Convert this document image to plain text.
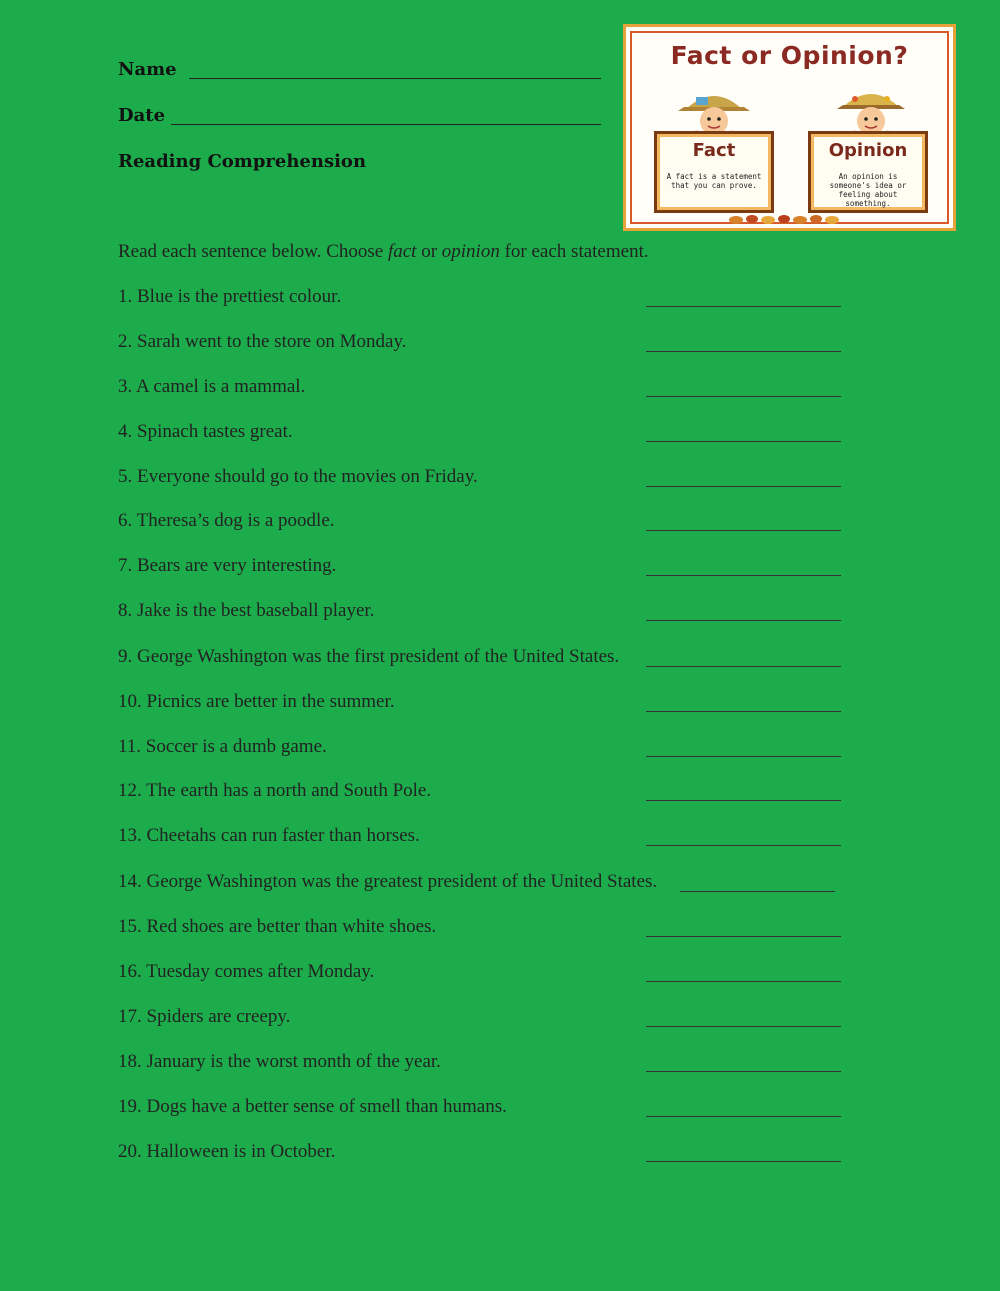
Name
Date
Reading Comprehension
Fact or Opinion?
Fact
A fact is a statement that you can prove.
Opinion
An opinion is someone's idea or feeling about something.
Read each sentence below. Choose fact or opinion for each statement.
1. Blue is the prettiest colour.
2. Sarah went to the store on Monday.
3. A camel is a mammal.
4. Spinach tastes great.
5. Everyone should go to the movies on Friday.
6. Theresa’s dog is a poodle.
7. Bears are very interesting.
8. Jake is the best baseball player.
9. George Washington was the first president of the United States.
10. Picnics are better in the summer.
11. Soccer is a dumb game.
12. The earth has a north and South Pole.
13. Cheetahs can run faster than horses.
14. George Washington was the greatest president of the United States.
15. Red shoes are better than white shoes.
16. Tuesday comes after Monday.
17. Spiders are creepy.
18. January is the worst month of the year.
19. Dogs have a better sense of smell than humans.
20. Halloween is in October.
